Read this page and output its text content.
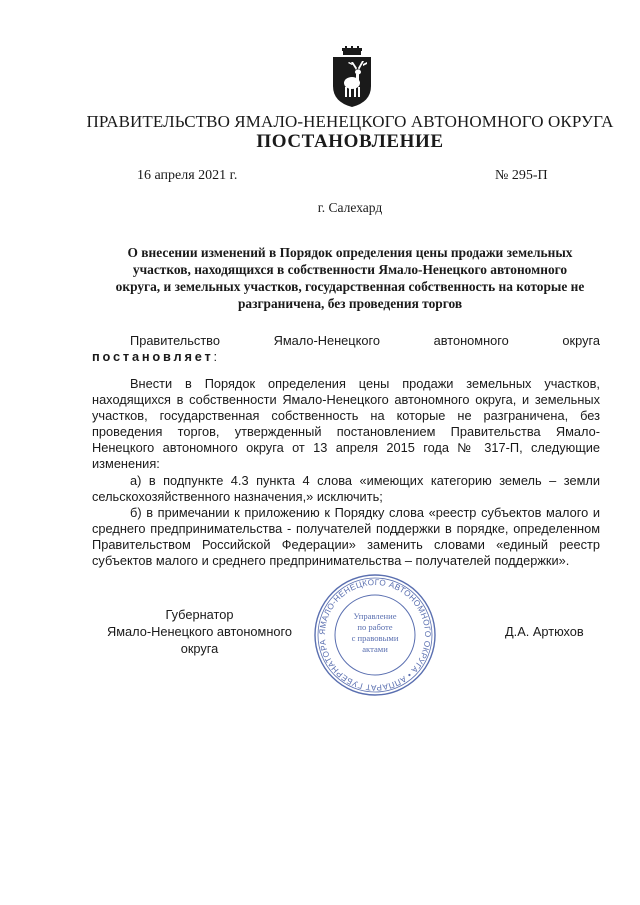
ПРАВИТЕЛЬСТВО ЯМАЛО-НЕНЕЦКОГО АВТОНОМНОГО ОКРУГА
ПОСТАНОВЛЕНИЕ
16 апреля 2021 г.	№ 295-П
г. Салехард
О внесении изменений в Порядок определения цены продажи земельных участков, находящихся в собственности Ямало-Ненецкого автономного округа, и земельных участков, государственная собственность на которые не разграничена, без проведения торгов
Правительство	Ямало-Ненецкого	автономного	округа
постановляет:

Внести в Порядок определения цены продажи земельных участков, находящихся в собственности Ямало-Ненецкого автономного округа, и земельных участков, государственная собственность на которые не разграничена, без проведения торгов, утвержденный постановлением Правительства Ямало-Ненецкого автономного округа от 13 апреля 2015 года № 317-П, следующие изменения:

а) в подпункте 4.3 пункта 4 слова «имеющих категорию земель – земли сельскохозяйственного назначения,» исключить;

б) в примечании к приложению к Порядку слова «реестр субъектов малого и среднего предпринимательства - получателей поддержки в порядке, определенном Правительством Российской Федерации» заменить словами «единый реестр субъектов малого и среднего предпринимательства – получателей поддержки».

Губернатор
Ямало-Ненецкого автономного округа
Д.А. Артюхов
ЯМАЛО-НЕНЕЦКОГО АВТОНОМНОГО ОКРУГА • АППАРАТ ГУБЕРНАТОРА
Управление
по работе
с правовыми
актами
